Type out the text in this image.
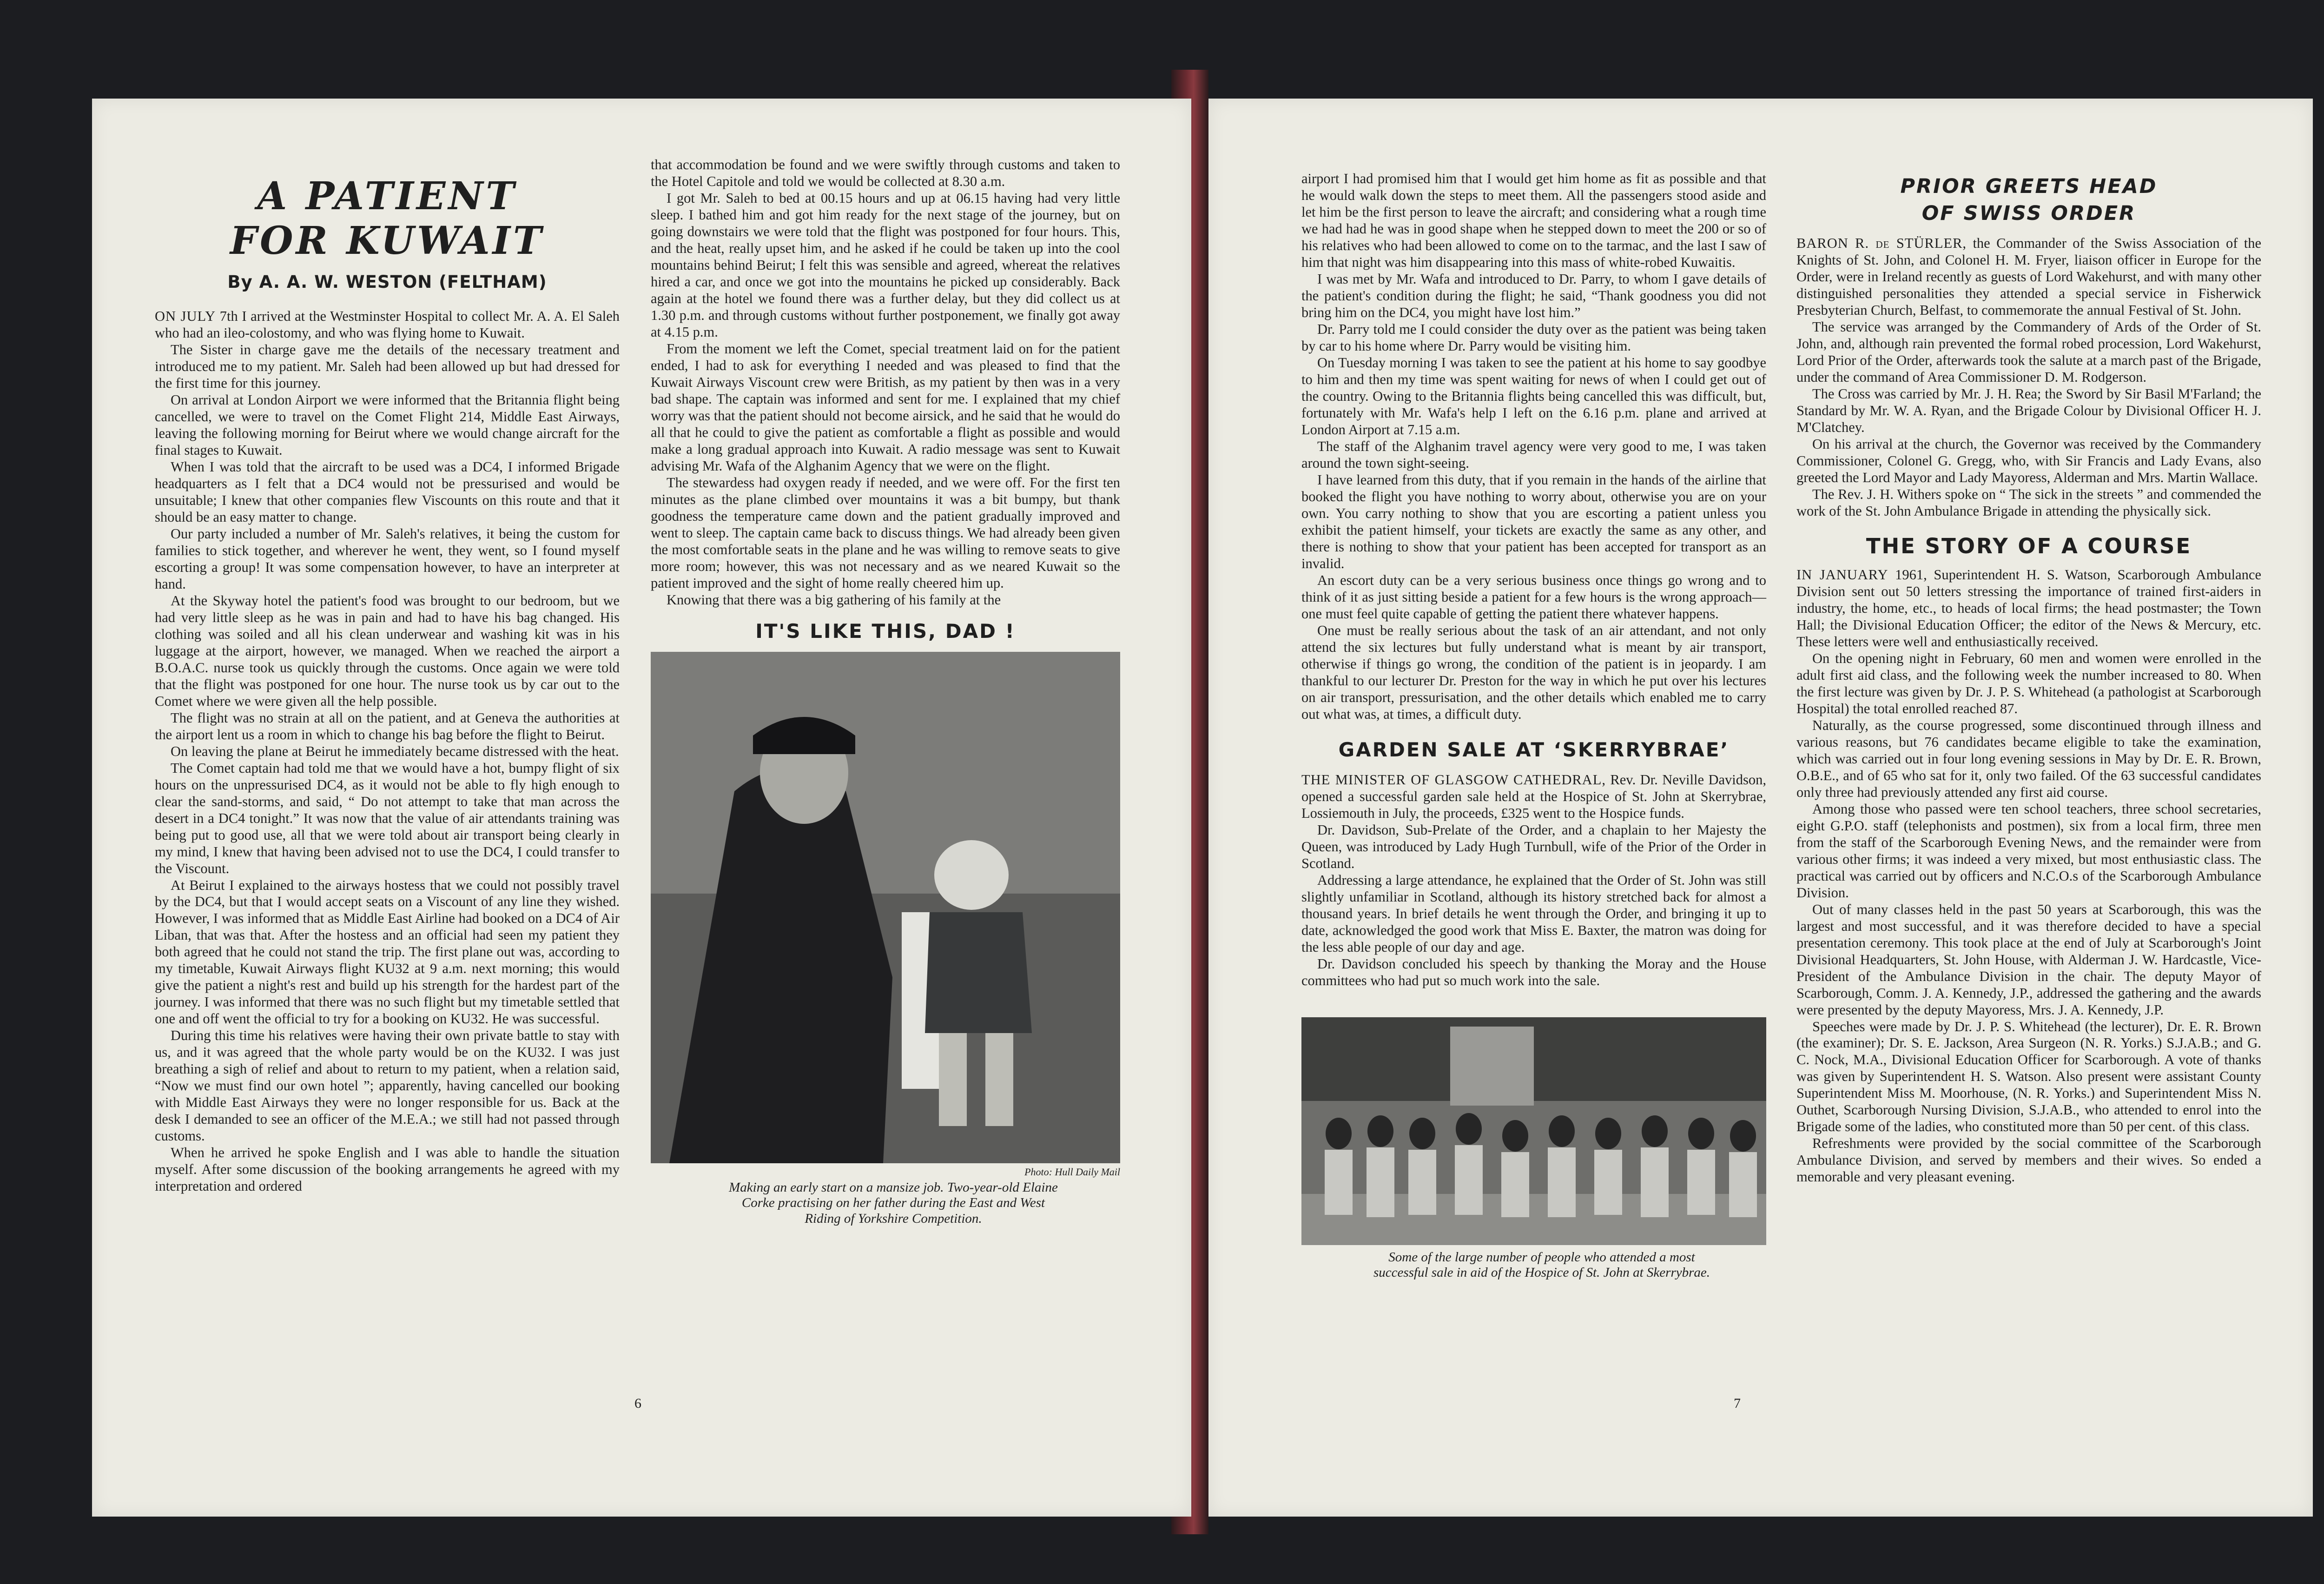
A PATIENT
FOR KUWAIT
By A. A. W. WESTON (FELTHAM)

ON JULY 7th I arrived at the Westminster Hospital to collect Mr. A. A. El Saleh who had an ileo-colostomy, and who was flying home to Kuwait.

The Sister in charge gave me the details of the necessary treatment and introduced me to my patient. Mr. Saleh had been allowed up but had dressed for the first time for this journey.

On arrival at London Airport we were informed that the Britannia flight being cancelled, we were to travel on the Comet Flight 214, Middle East Airways, leaving the following morning for Beirut where we would change aircraft for the final stages to Kuwait.

When I was told that the aircraft to be used was a DC4, I informed Brigade headquarters as I felt that a DC4 would not be pressurised and would be unsuitable; I knew that other companies flew Viscounts on this route and that it should be an easy matter to change.

Our party included a number of Mr. Saleh's relatives, it being the custom for families to stick together, and wherever he went, they went, so I found myself escorting a group! It was some compensation however, to have an interpreter at hand.

At the Skyway hotel the patient's food was brought to our bedroom, but we had very little sleep as he was in pain and had to have his bag changed. His clothing was soiled and all his clean underwear and washing kit was in his luggage at the airport, however, we managed. When we reached the airport a B.O.A.C. nurse took us quickly through the customs. Once again we were told that the flight was postponed for one hour. The nurse took us by car out to the Comet where we were given all the help possible.

The flight was no strain at all on the patient, and at Geneva the authorities at the airport lent us a room in which to change his bag before the flight to Beirut.

On leaving the plane at Beirut he immediately became distressed with the heat.

The Comet captain had told me that we would have a hot, bumpy flight of six hours on the unpressurised DC4, as it would not be able to fly high enough to clear the sand-storms, and said, “ Do not attempt to take that man across the desert in a DC4 tonight.” It was now that the value of air attendants training was being put to good use, all that we were told about air transport being clearly in my mind, I knew that having been advised not to use the DC4, I could transfer to the Viscount.

At Beirut I explained to the airways hostess that we could not possibly travel by the DC4, but that I would accept seats on a Viscount of any line they wished. However, I was informed that as Middle East Airline had booked on a DC4 of Air Liban, that was that. After the hostess and an official had seen my patient they both agreed that he could not stand the trip. The first plane out was, according to my timetable, Kuwait Airways flight KU32 at 9 a.m. next morning; this would give the patient a night's rest and build up his strength for the hardest part of the journey. I was informed that there was no such flight but my timetable settled that one and off went the official to try for a booking on KU32. He was successful.

During this time his relatives were having their own private battle to stay with us, and it was agreed that the whole party would be on the KU32. I was just breathing a sigh of relief and about to return to my patient, when a relation said, “Now we must find our own hotel ”; apparently, having cancelled our booking with Middle East Airways they were no longer responsible for us. Back at the desk I demanded to see an officer of the M.E.A.; we still had not passed through customs.

When he arrived he spoke English and I was able to handle the situation myself. After some discussion of the booking arrangements he agreed with my interpretation and ordered

that accommodation be found and we were swiftly through customs and taken to the Hotel Capitole and told we would be collected at 8.30 a.m.

I got Mr. Saleh to bed at 00.15 hours and up at 06.15 having had very little sleep. I bathed him and got him ready for the next stage of the journey, but on going downstairs we were told that the flight was postponed for four hours. This, and the heat, really upset him, and he asked if he could be taken up into the cool mountains behind Beirut; I felt this was sensible and agreed, whereat the relatives hired a car, and once we got into the mountains he picked up considerably. Back again at the hotel we found there was a further delay, but they did collect us at 1.30 p.m. and through customs without further postponement, we finally got away at 4.15 p.m.

From the moment we left the Comet, special treatment laid on for the patient ended, I had to ask for everything I needed and was pleased to find that the Kuwait Airways Viscount crew were British, as my patient by then was in a very bad shape. The captain was informed and sent for me. I explained that my chief worry was that the patient should not become airsick, and he said that he would do all that he could to give the patient as comfortable a flight as possible and would make a long gradual approach into Kuwait. A radio message was sent to Kuwait advising Mr. Wafa of the Alghanim Agency that we were on the flight.

The stewardess had oxygen ready if needed, and we were off. For the first ten minutes as the plane climbed over mountains it was a bit bumpy, but thank goodness the temperature came down and the patient gradually improved and went to sleep. The captain came back to discuss things. We had already been given the most comfortable seats in the plane and he was willing to remove seats to give more room; however, this was not necessary and as we neared Kuwait so the patient improved and the sight of home really cheered him up.

Knowing that there was a big gathering of his family at the

IT'S LIKE THIS, DAD !
Photo: Hull Daily Mail

Making an early start on a mansize job. Two-year-old Elaine

Corke practising on her father during the East and West

Riding of Yorkshire Competition.

6

airport I had promised him that I would get him home as fit as possible and that he would walk down the steps to meet them. All the passengers stood aside and let him be the first person to leave the aircraft; and considering what a rough time we had had he was in good shape when he stepped down to meet the 200 or so of his relatives who had been allowed to come on to the tarmac, and the last I saw of him that night was him disappearing into this mass of white-robed Kuwaitis.

I was met by Mr. Wafa and introduced to Dr. Parry, to whom I gave details of the patient's condition during the flight; he said, “Thank goodness you did not bring him on the DC4, you might have lost him.”

Dr. Parry told me I could consider the duty over as the patient was being taken by car to his home where Dr. Parry would be visiting him.

On Tuesday morning I was taken to see the patient at his home to say goodbye to him and then my time was spent waiting for news of when I could get out of the country. Owing to the Britannia flights being cancelled this was difficult, but, fortunately with Mr. Wafa's help I left on the 6.16 p.m. plane and arrived at London Airport at 7.15 a.m.

The staff of the Alghanim travel agency were very good to me, I was taken around the town sight-seeing.

I have learned from this duty, that if you remain in the hands of the airline that booked the flight you have nothing to worry about, otherwise you are on your own. You carry nothing to show that you are escorting a patient unless you exhibit the patient himself, your tickets are exactly the same as any other, and there is nothing to show that your patient has been accepted for transport as an invalid.

An escort duty can be a very serious business once things go wrong and to think of it as just sitting beside a patient for a few hours is the wrong approach—one must feel quite capable of getting the patient there whatever happens.

One must be really serious about the task of an air attendant, and not only attend the six lectures but fully understand what is meant by air transport, otherwise if things go wrong, the condition of the patient is in jeopardy. I am thankful to our lecturer Dr. Preston for the way in which he put over his lectures on air transport, pressurisation, and the other details which enabled me to carry out what was, at times, a difficult duty.

GARDEN SALE AT ‘SKERRYBRAE’

THE MINISTER OF GLASGOW CATHEDRAL, Rev. Dr. Neville Davidson, opened a successful garden sale held at the Hospice of St. John at Skerrybrae, Lossiemouth in July, the proceeds, £325 went to the Hospice funds.

Dr. Davidson, Sub-Prelate of the Order, and a chaplain to her Majesty the Queen, was introduced by Lady Hugh Turnbull, wife of the Prior of the Order in Scotland.

Addressing a large attendance, he explained that the Order of St. John was still slightly unfamiliar in Scotland, although its history stretched back for almost a thousand years. In brief details he went through the Order, and bringing it up to date, acknowledged the good work that Miss E. Baxter, the matron was doing for the less able people of our day and age.

Dr. Davidson concluded his speech by thanking the Moray and the House committees who had put so much work into the sale.

Some of the large number of people who attended a most

successful sale in aid of the Hospice of St. John at Skerrybrae.

PRIOR GREETS HEAD
OF SWISS ORDER

BARON R. de STÜRLER, the Commander of the Swiss Association of the Knights of St. John, and Colonel H. M. Fryer, liaison officer in Europe for the Order, were in Ireland recently as guests of Lord Wakehurst, and with many other distinguished personalities they attended a special service in Fisherwick Presbyterian Church, Belfast, to commemorate the annual Festival of St. John.

The service was arranged by the Commandery of Ards of the Order of St. John, and, although rain prevented the formal robed procession, Lord Wakehurst, Lord Prior of the Order, afterwards took the salute at a march past of the Brigade, under the command of Area Commissioner D. M. Rodgerson.

The Cross was carried by Mr. J. H. Rea; the Sword by Sir Basil M'Farland; the Standard by Mr. W. A. Ryan, and the Brigade Colour by Divisional Officer H. J. M'Clatchey.

On his arrival at the church, the Governor was received by the Commandery Commissioner, Colonel G. Gregg, who, with Sir Francis and Lady Evans, also greeted the Lord Mayor and Lady Mayoress, Alderman and Mrs. Martin Wallace.

The Rev. J. H. Withers spoke on “ The sick in the streets ” and commended the work of the St. John Ambulance Brigade in attending the physically sick.

THE STORY OF A COURSE

IN JANUARY 1961, Superintendent H. S. Watson, Scarborough Ambulance Division sent out 50 letters stressing the importance of trained first-aiders in industry, the home, etc., to heads of local firms; the head postmaster; the Town Hall; the Divisional Education Officer; the editor of the News & Mercury, etc. These letters were well and enthusiastically received.

On the opening night in February, 60 men and women were enrolled in the adult first aid class, and the following week the number increased to 80. When the first lecture was given by Dr. J. P. S. Whitehead (a pathologist at Scarborough Hospital) the total enrolled reached 87.

Naturally, as the course progressed, some discontinued through illness and various reasons, but 76 candidates became eligible to take the examination, which was carried out in four long evening sessions in May by Dr. E. R. Brown, O.B.E., and of 65 who sat for it, only two failed. Of the 63 successful candidates only three had previously attended any first aid course.

Among those who passed were ten school teachers, three school secretaries, eight G.P.O. staff (telephonists and postmen), six from a local firm, three men from the staff of the Scarborough Evening News, and the remainder were from various other firms; it was indeed a very mixed, but most enthusiastic class. The practical was carried out by officers and N.C.O.s of the Scarborough Ambulance Division.

Out of many classes held in the past 50 years at Scarborough, this was the largest and most successful, and it was therefore decided to have a special presentation ceremony. This took place at the end of July at Scarborough's Joint Divisional Headquarters, St. John House, with Alderman J. W. Hardcastle, Vice-President of the Ambulance Division in the chair. The deputy Mayor of Scarborough, Comm. J. A. Kennedy, J.P., addressed the gathering and the awards were presented by the deputy Mayoress, Mrs. J. A. Kennedy, J.P.

Speeches were made by Dr. J. P. S. Whitehead (the lecturer), Dr. E. R. Brown (the examiner); Dr. S. E. Jackson, Area Surgeon (N. R. Yorks.) S.J.A.B.; and G. C. Nock, M.A., Divisional Education Officer for Scarborough. A vote of thanks was given by Superintendent H. S. Watson. Also present were assistant County Superintendent Miss M. Moorhouse, (N. R. Yorks.) and Superintendent Miss N. Outhet, Scarborough Nursing Division, S.J.A.B., who attended to enrol into the Brigade some of the ladies, who constituted more than 50 per cent. of this class.

Refreshments were provided by the social committee of the Scarborough Ambulance Division, and served by members and their wives. So ended a memorable and very pleasant evening.

7
